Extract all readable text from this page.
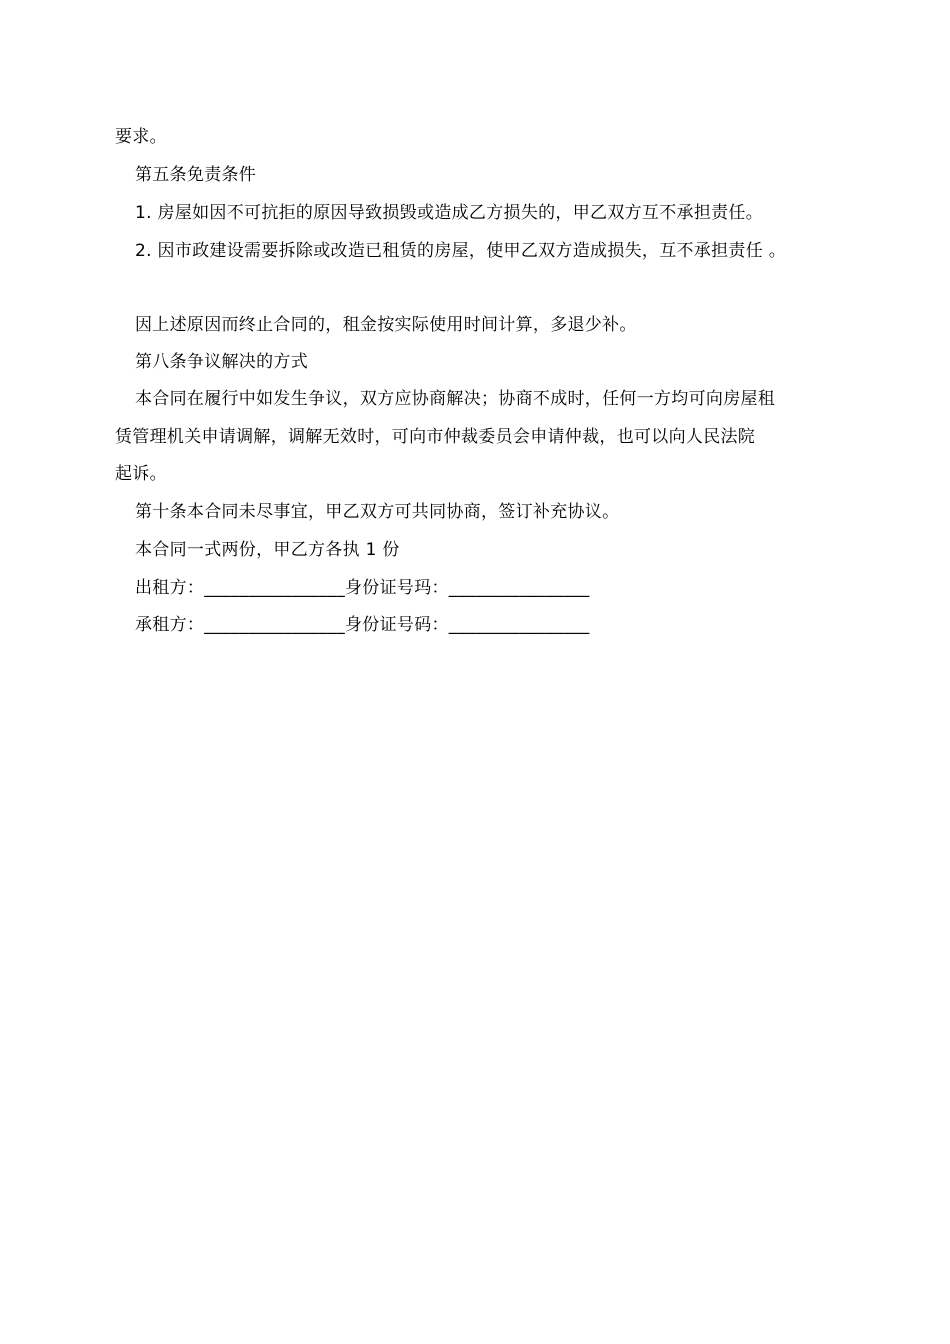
要求。
第五条免责条件
1. 房屋如因不可抗拒的原因导致损毁或造成乙方损失的，甲乙双方互不承担责任。
2. 因市政建设需要拆除或改造已租赁的房屋，使甲乙双方造成损失，互不承担责任 。
因上述原因而终止合同的，租金按实际使用时间计算，多退少补。
第八条争议解决的方式
本合同在履行中如发生争议，双方应协商解决；协商不成时，任何一方均可向房屋租
赁管理机关申请调解，调解无效时，可向市仲裁委员会申请仲裁，也可以向人民法院
起诉。
第十条本合同未尽事宜，甲乙双方可共同协商，签订补充协议。
本合同一式两份，甲乙方各执 1 份
出租方：________________身份证号玛：________________
承租方：________________身份证号码：________________
